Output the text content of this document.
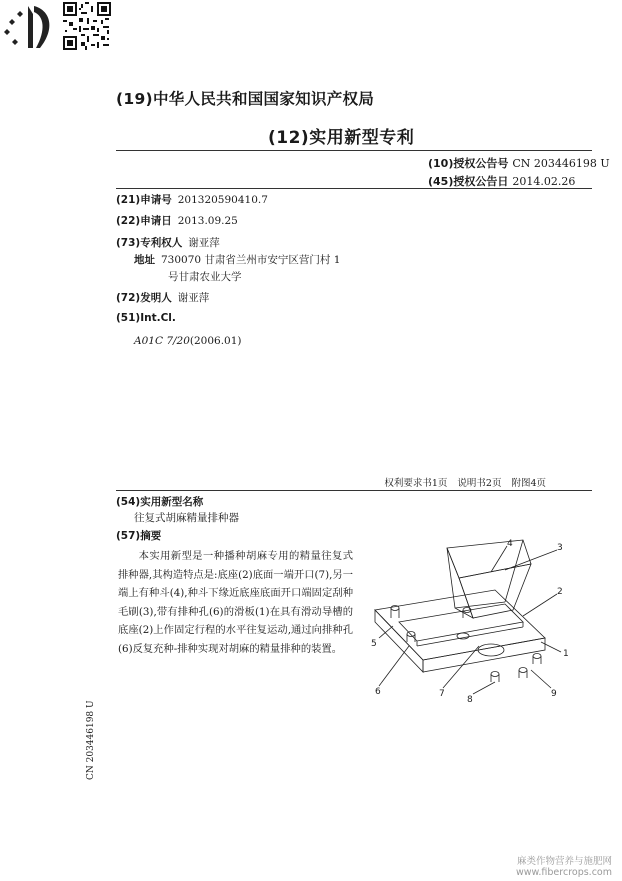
(19)中华人民共和国国家知识产权局

(12)实用新型专利
(10)授权公告号 CN 203446198 U
(45)授权公告日 2014.02.26
(21)申请号 201320590410.7
(22)申请日 2013.09.25
(73)专利权人 谢亚萍
地址 730070 甘肃省兰州市安宁区营门村 1
号甘肃农业大学
(72)发明人 谢亚萍
(51)Int.Cl.
A01C 7/20(2006.01)
权利要求书1页 说明书2页 附图4页
(54)实用新型名称
往复式胡麻精量排种器
(57)摘要
本实用新型是一种播种胡麻专用的精量往复式排种器,其构造特点是:底座(2)底面一端开口(7),另一端上有种斗(4),种斗下缘近底座底面开口端固定刮种毛刷(3),带有排种孔(6)的滑板(1)在具有滑动导槽的底座(2)上作固定行程的水平往复运动,通过向排种孔(6)反复充种-排种实现对胡麻的精量排种的装置。
4	3
2
1
5
6	7
8
9
CN 203446198 U
麻类作物营养与施肥网
www.fibercrops.com
